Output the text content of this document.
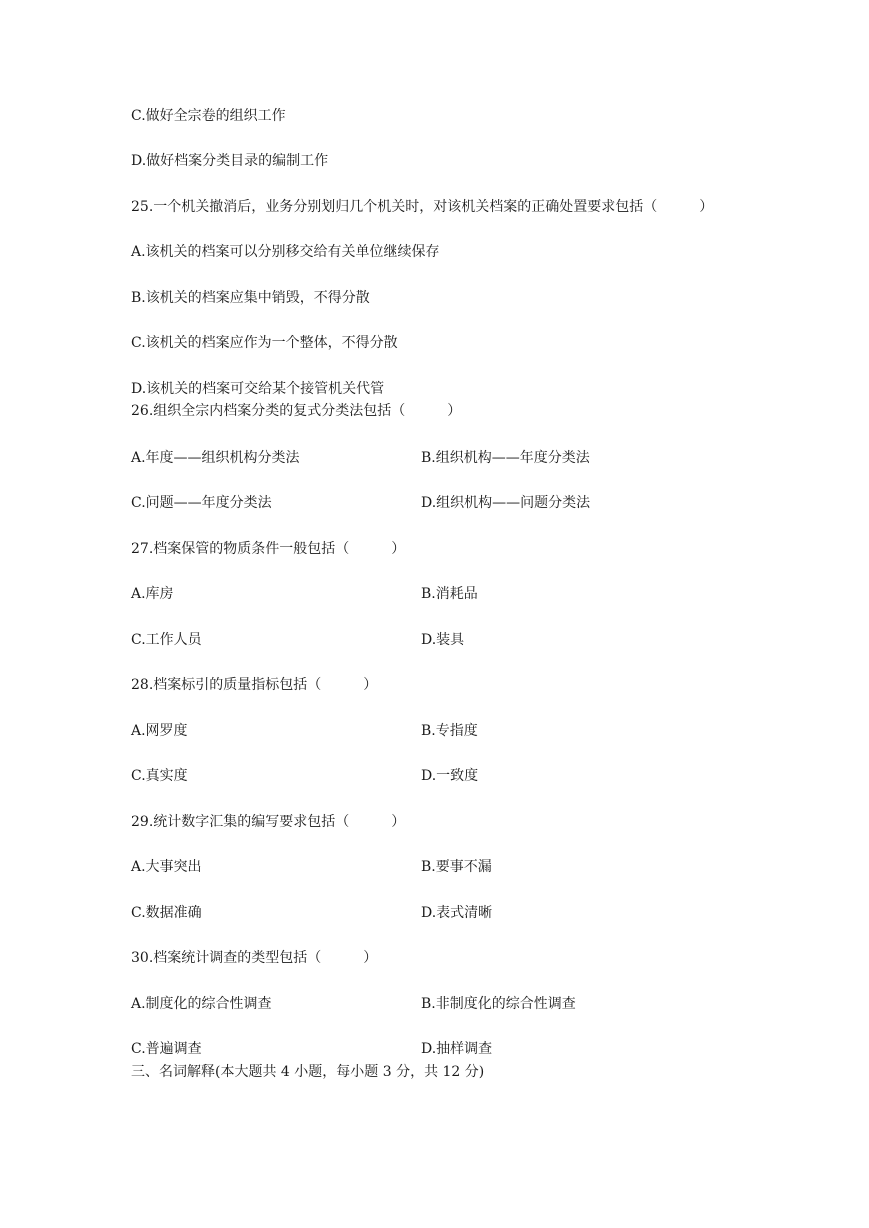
C.做好全宗卷的组织工作
D.做好档案分类目录的编制工作
25.一个机关撤消后，业务分别划归几个机关时，对该机关档案的正确处置要求包括（　　　）
A.该机关的档案可以分别移交给有关单位继续保存
B.该机关的档案应集中销毁，不得分散
C.该机关的档案应作为一个整体，不得分散
D.该机关的档案可交给某个接管机关代管
26.组织全宗内档案分类的复式分类法包括（　　　）
A.年度——组织机构分类法	B.组织机构——年度分类法
C.问题——年度分类法	D.组织机构——问题分类法
27.档案保管的物质条件一般包括（　　　）
A.库房	B.消耗品
C.工作人员	D.装具
28.档案标引的质量指标包括（　　　）
A.网罗度	B.专指度
C.真实度	D.一致度
29.统计数字汇集的编写要求包括（　　　）
A.大事突出	B.要事不漏
C.数据准确	D.表式清晰
30.档案统计调查的类型包括（　　　）
A.制度化的综合性调查	B.非制度化的综合性调查
C.普遍调查	D.抽样调查
三、名词解释(本大题共 4 小题，每小题 3 分，共 12 分)
